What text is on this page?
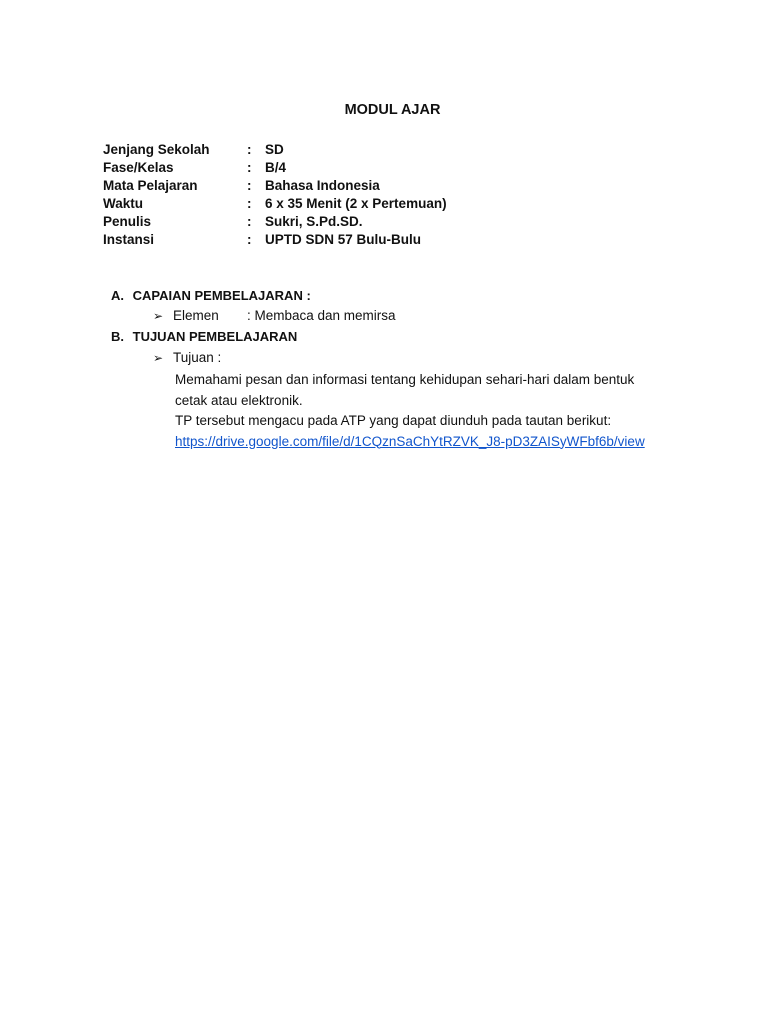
MODUL AJAR
Jenjang Sekolah	:	SD
Fase/Kelas	:	B/4
Mata Pelajaran	:	Bahasa Indonesia
Waktu	:	6 x 35 Menit (2 x Pertemuan)
Penulis	:	Sukri, S.Pd.SD.
Instansi	:	UPTD SDN 57 Bulu-Bulu
A. CAPAIAN PEMBELAJARAN :
➢ Elemen	: Membaca dan memirsa
B. TUJUAN PEMBELAJARAN
➢ Tujuan :
Memahami pesan dan informasi tentang kehidupan sehari-hari dalam bentuk
cetak atau elektronik.
TP tersebut mengacu pada ATP yang dapat diunduh pada tautan berikut:
https://drive.google.com/file/d/1CQznSaChYtRZVK_J8-pD3ZAISyWFbf6b/view
